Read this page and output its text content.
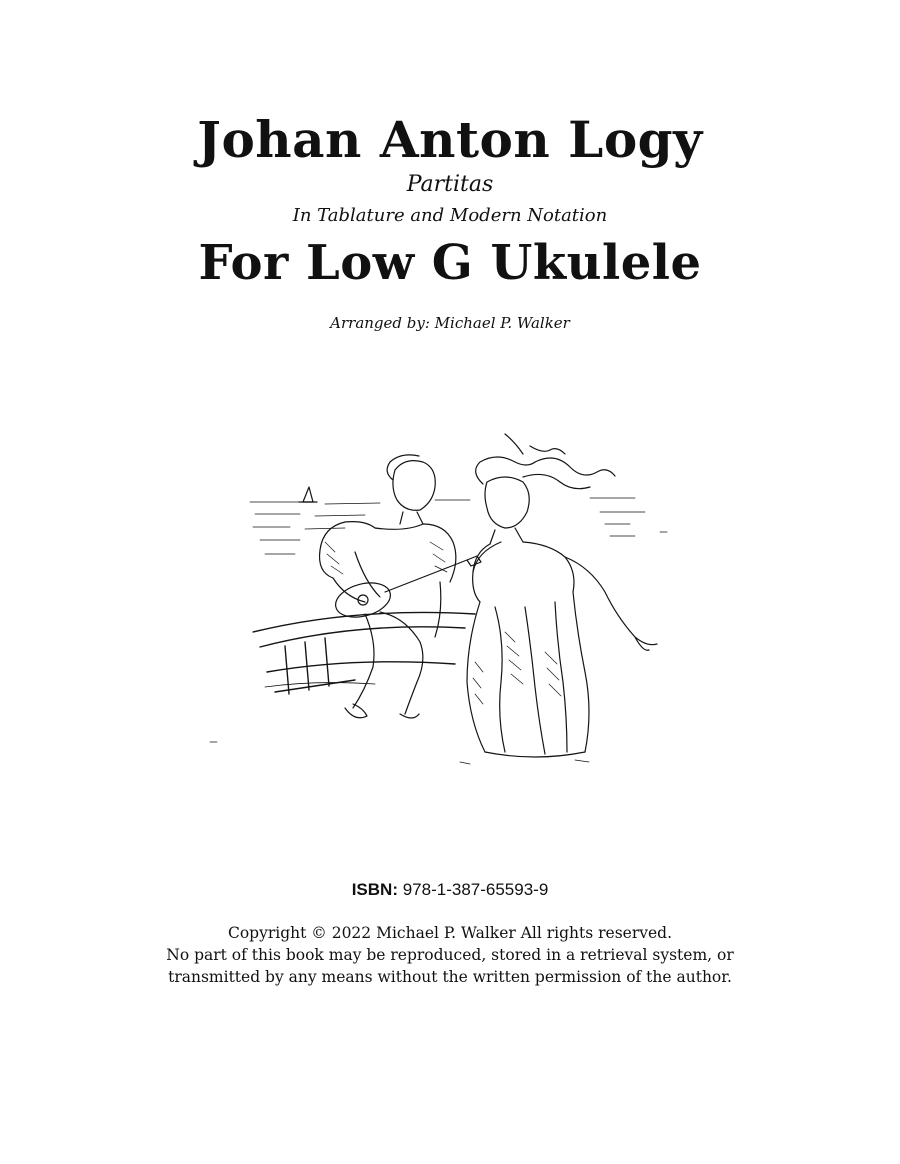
Johan Anton Logy

Partitas

In Tablature and Modern Notation

For Low G Ukulele

Arranged by: Michael P. Walker

ISBN: 978-1-387-65593-9
Copyright © 2022 Michael P. Walker All rights reserved.
No part of this book may be reproduced, stored in a retrieval system, or
transmitted by any means without the written permission of the author.
